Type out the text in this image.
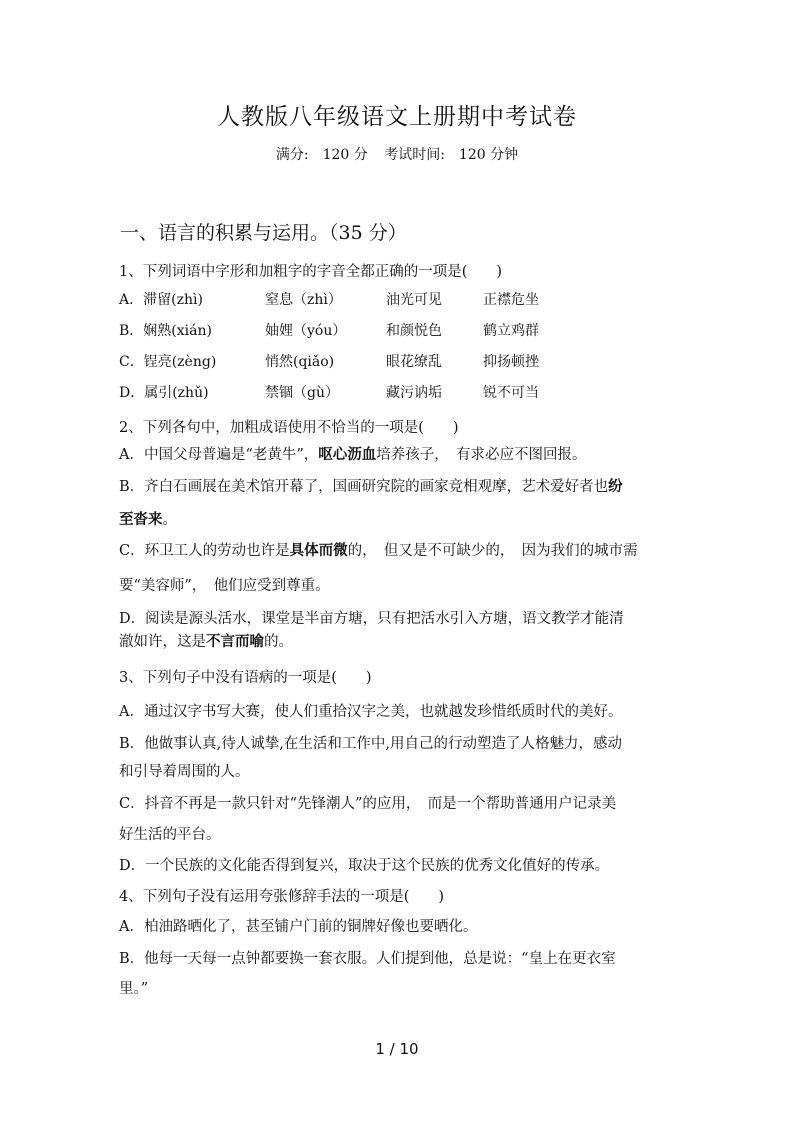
人教版八年级语文上册期中考试卷
满分:　120 分 考试时间:　120 分钟
一、语言的积累与运用。（35 分）
1、下列词语中字形和加粗字的字音全都正确的一项是(　　)
A．滞留(zhì)	窒息（zhì）	油光可见	正襟危坐
B．娴熟(xián)	妯娌（yóu）	和颜悦色	鹤立鸡群
C．锃亮(zèng)	悄然(qiǎo)	眼花缭乱	抑扬顿挫
D．属引(zhǔ)	禁锢（gù）	藏污讷垢	锐不可当
2、下列各句中，加粗成语使用不恰当的一项是(　　)
A．中国父母普遍是“老黄牛”，呕心沥血培养孩子，　有求必应不图回报。
B．齐白石画展在美术馆开幕了，国画研究院的画家竞相观摩，艺术爱好者也纷
至沓来。
C．环卫工人的劳动也许是具体而微的，　但又是不可缺少的，　因为我们的城市需
要“美容师”，　他们应受到尊重。
D．阅读是源头活水，课堂是半亩方塘，只有把活水引入方塘，语文教学才能清
澈如许，这是不言而喻的。
3、下列句子中没有语病的一项是(　　)
A．通过汉字书写大赛，使人们重拾汉字之美，也就越发珍惜纸质时代的美好。
B．他做事认真,待人诚挚,在生活和工作中,用自己的行动塑造了人格魅力，感动
和引导着周围的人。
C．抖音不再是一款只针对“先锋潮人”的应用，　而是一个帮助普通用户记录美
好生活的平台。
D．一个民族的文化能否得到复兴，取决于这个民族的优秀文化值好的传承。
4、下列句子没有运用夸张修辞手法的一项是(　　)
A．柏油路晒化了，甚至铺户门前的铜牌好像也要晒化。
B．他每一天每一点钟都要换一套衣服。人们提到他，总是说：“皇上在更衣室
里。”
1 / 10
